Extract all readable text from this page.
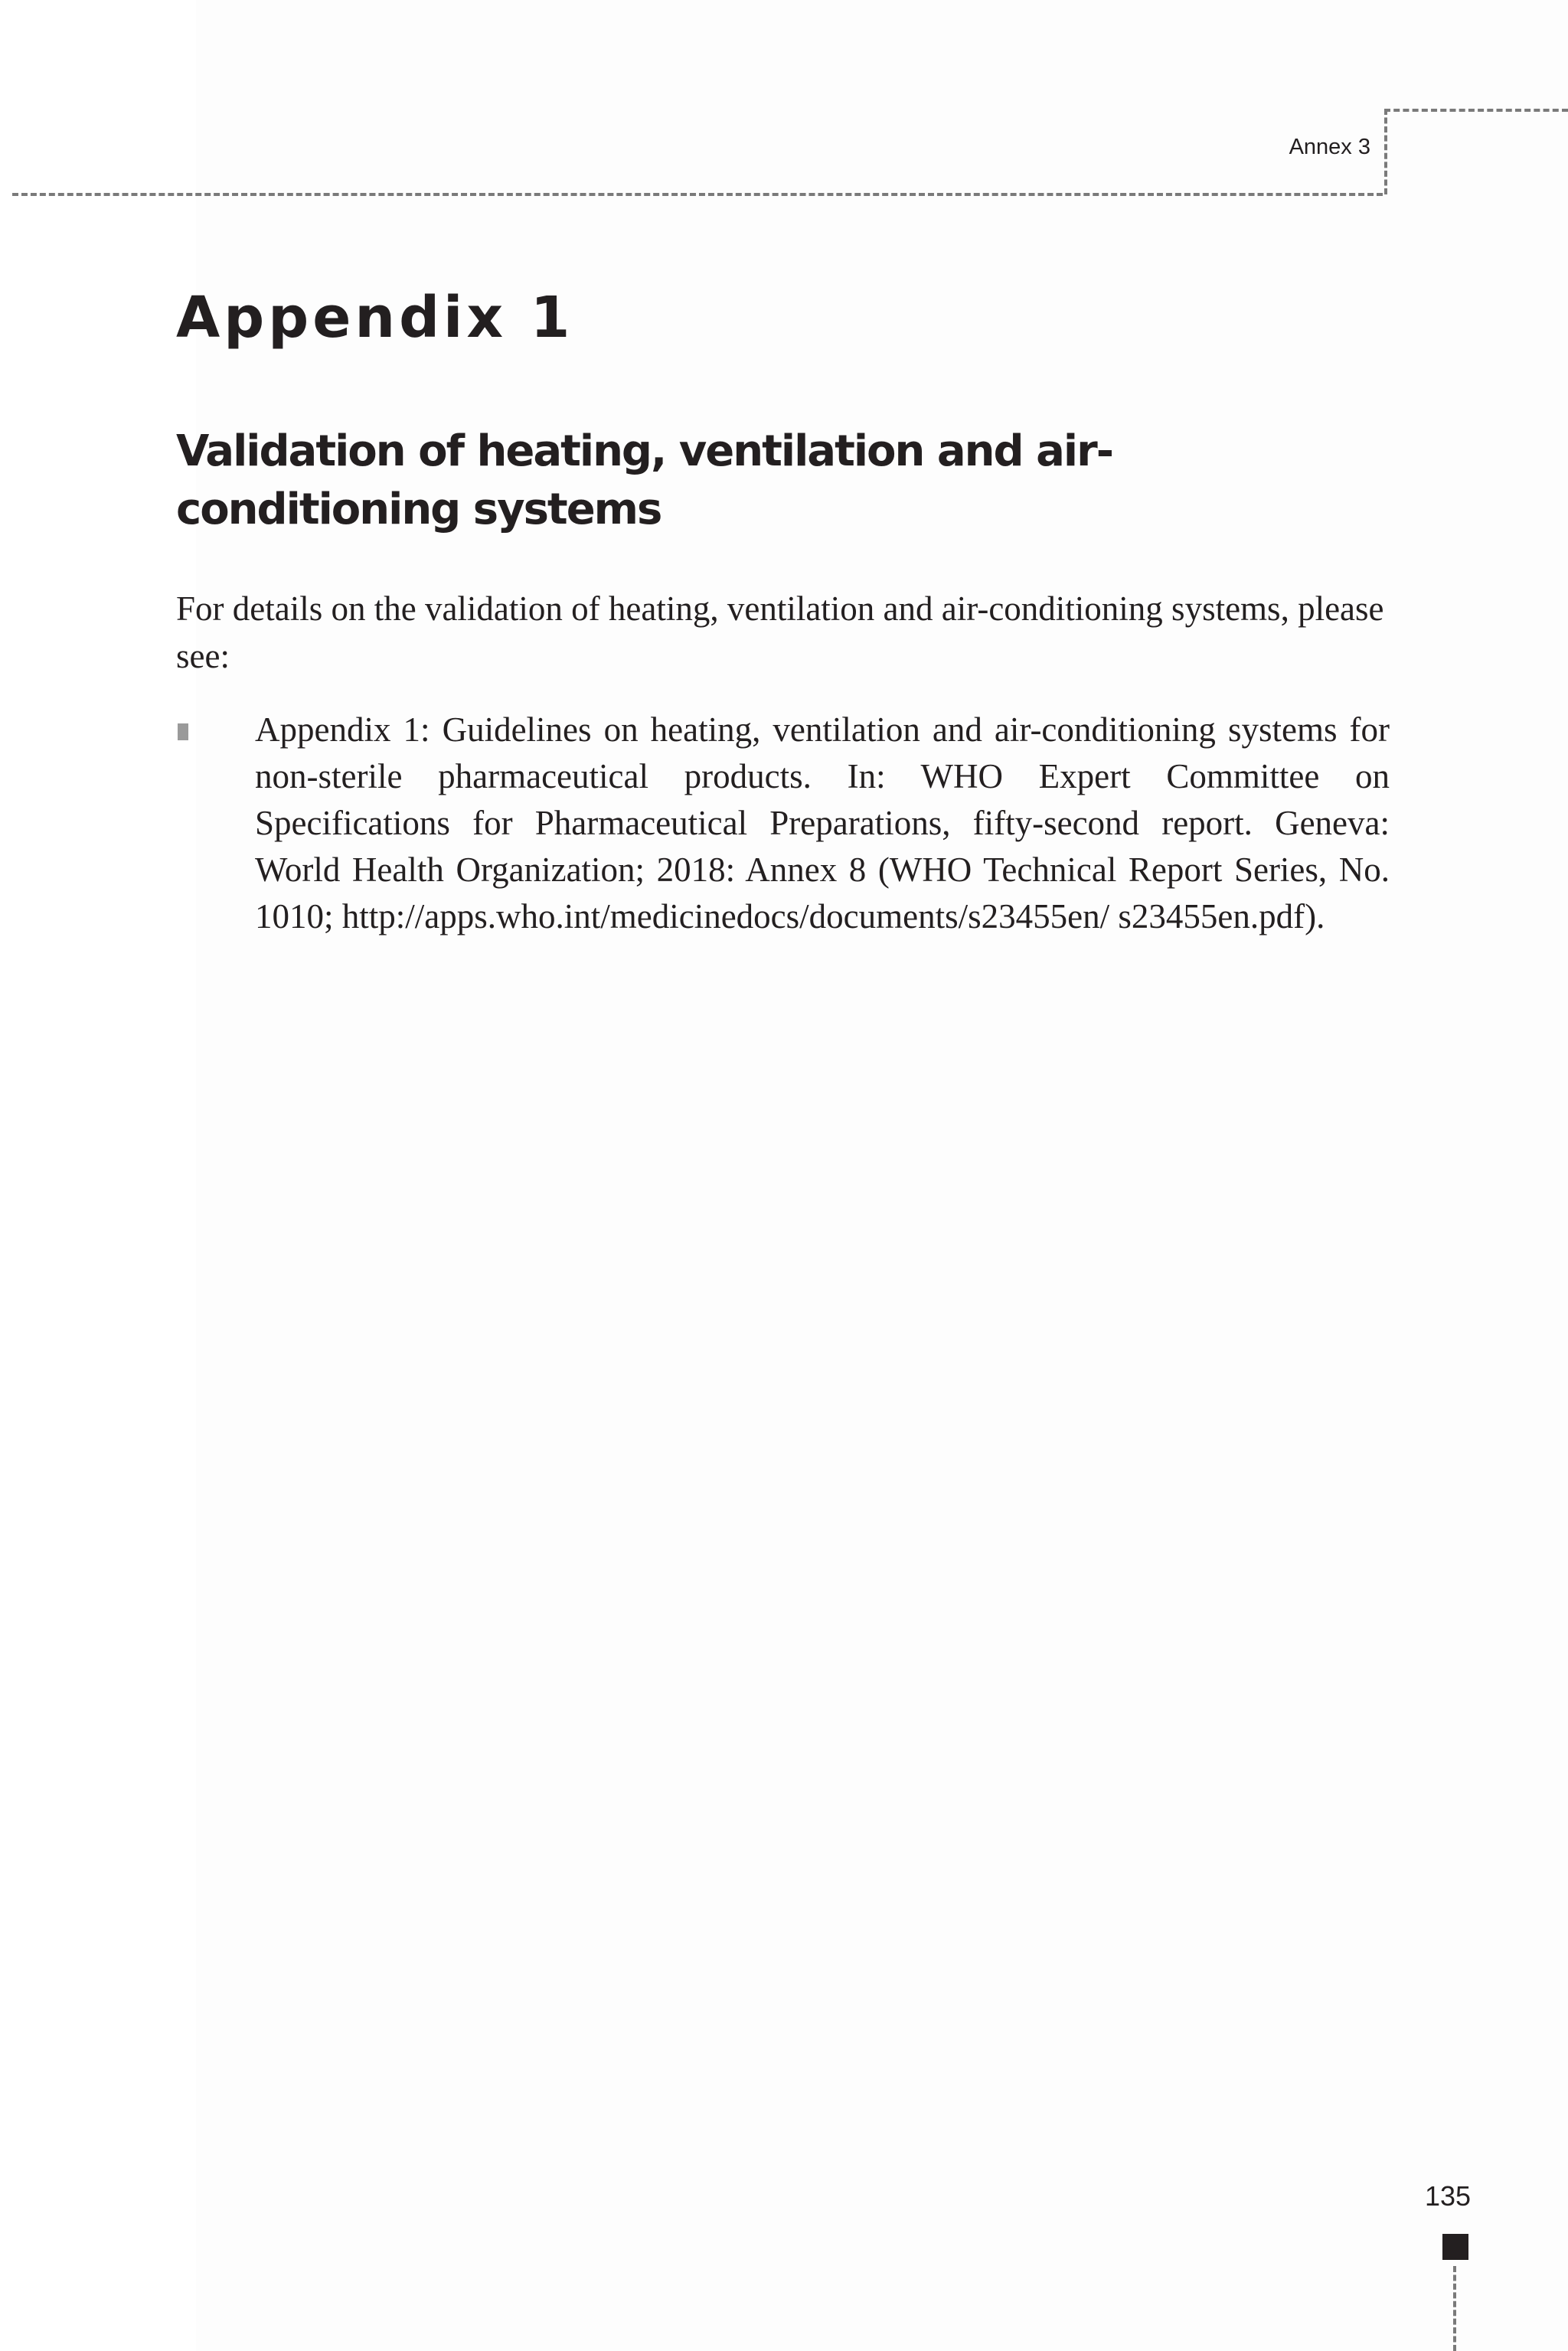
Annex 3
Appendix 1
Validation of heating, ventilation and air-conditioning systems

For details on the validation of heating, ventilation and air-conditioning systems, please see:

Appendix 1: Guidelines on heating, ventilation and air-conditioning systems for non-sterile pharmaceutical products. In: WHO Expert Committee on Specifications for Pharmaceutical Preparations, fifty-second report. Geneva: World Health Organization; 2018: Annex 8 (WHO Technical Report Series, No. 1010; http://apps.who.int/medicinedocs/documents/s23455en/ s23455en.pdf).

135
